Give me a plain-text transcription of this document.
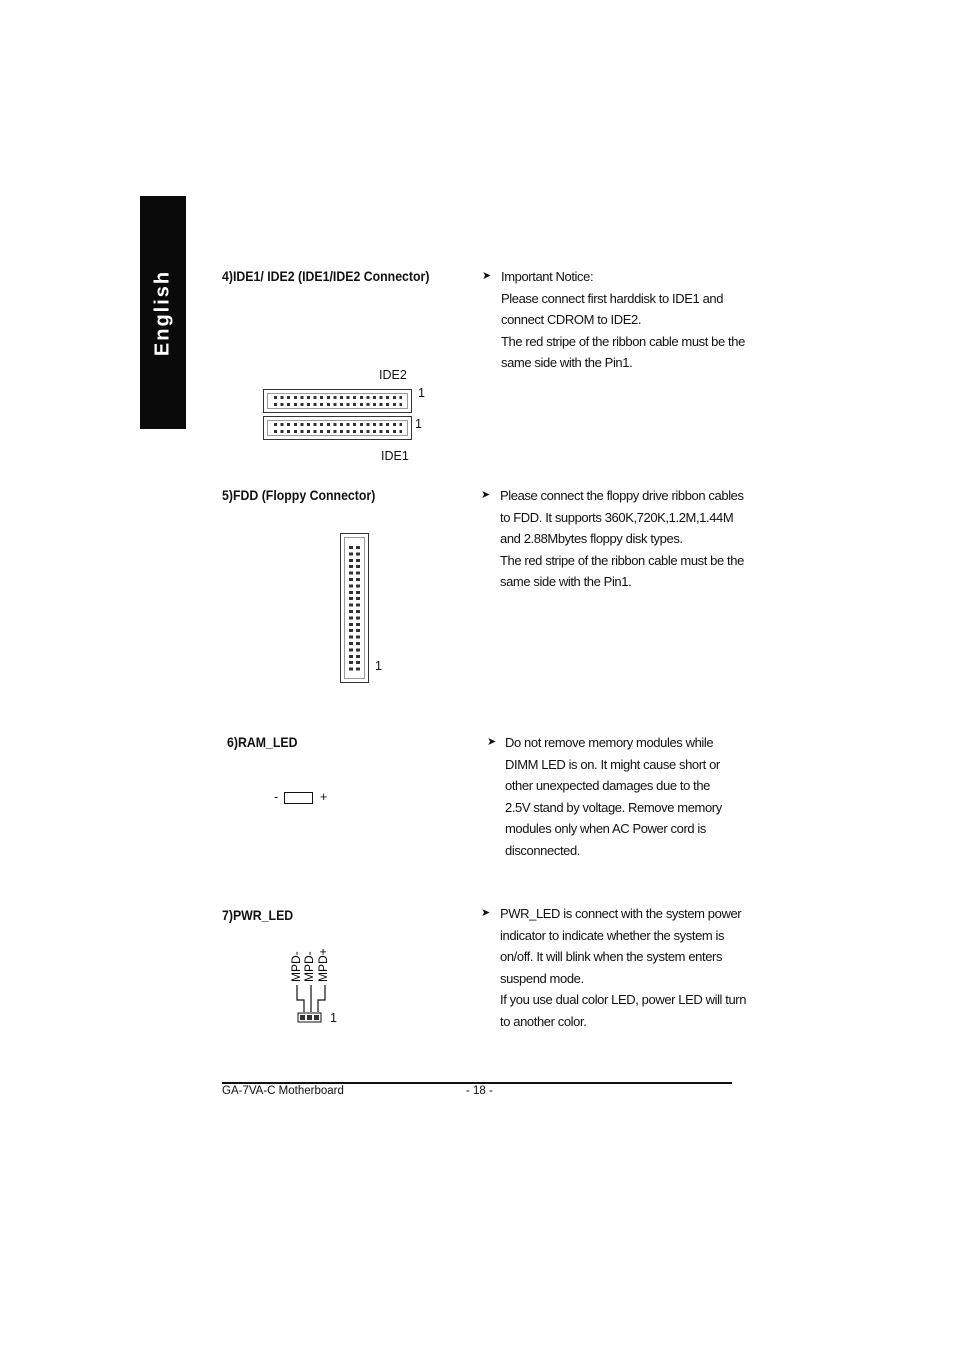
English	4)IDE1/ IDE2 (IDE1/IDE2 Connector)	➤ Important Notice:
Please connect first harddisk to IDE1 and
connect CDROM to IDE2.
The red stripe of the ribbon cable must be the
same side with the Pin1.
IDE2
1
1
IDE1
5)FDD (Floppy Connector)	➤ Please connect the floppy drive ribbon cables
to FDD. It supports 360K,720K,1.2M,1.44M
and 2.88Mbytes floppy disk types.
The red stripe of the ribbon cable must be the
same side with the Pin1.
1
6)RAM_LED	➤ Do not remove memory modules while
DIMM LED is on. It might cause short or
other unexpected damages due to the
2.5V stand by voltage. Remove memory
modules only when AC Power cord is
disconnected.
-	+
7)PWR_LED	➤ PWR_LED is connect with the system power
indicator to indicate whether the system is
on/off. It will blink when the system enters
suspend mode.
If you use dual color LED, power LED will turn
to another color.
MPD- MPD- MPD+
1
GA-7VA-C Motherboard	- 18 -
